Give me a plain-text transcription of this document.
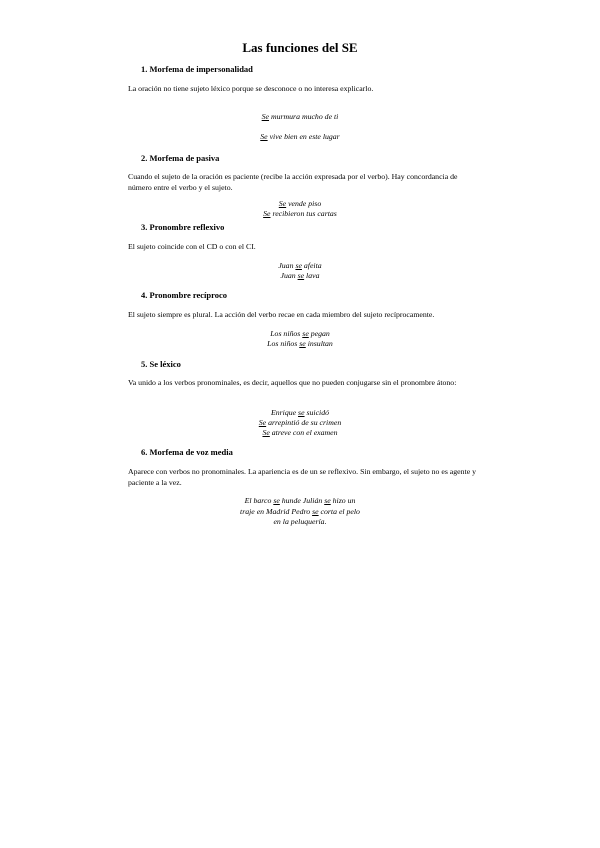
Las funciones del SE
1. Morfema de impersonalidad
La oración no tiene sujeto léxico porque se desconoce o no interesa explicarlo.
Se murmura mucho de ti
Se vive bien en este lugar
2. Morfema de pasiva
Cuando el sujeto de la oración es paciente (recibe la acción expresada por el verbo). Hay concordancia de número entre el verbo y el sujeto.
Se vende piso
Se recibieron tus cartas
3. Pronombre reflexivo
El sujeto coincide con el CD o con el CI.
Juan se afeita
Juan se lava
4. Pronombre recíproco
El sujeto siempre es plural. La acción del verbo recae en cada miembro del sujeto recíprocamente.
Los niños se pegan
Los niños se insultan
5. Se léxico
Va unido a los verbos pronominales, es decir, aquellos que no pueden conjugarse sin el pronombre átono:
Enrique se suicidó
Se arrepintió de su crimen
Se atreve con el examen
6. Morfema de voz media
Aparece con verbos no pronominales. La apariencia es de un se reflexivo. Sin embargo, el sujeto no es agente y paciente a la vez.
El barco se hunde Julián se hizo un
traje en Madrid Pedro se corta el pelo
en la peluquería.
